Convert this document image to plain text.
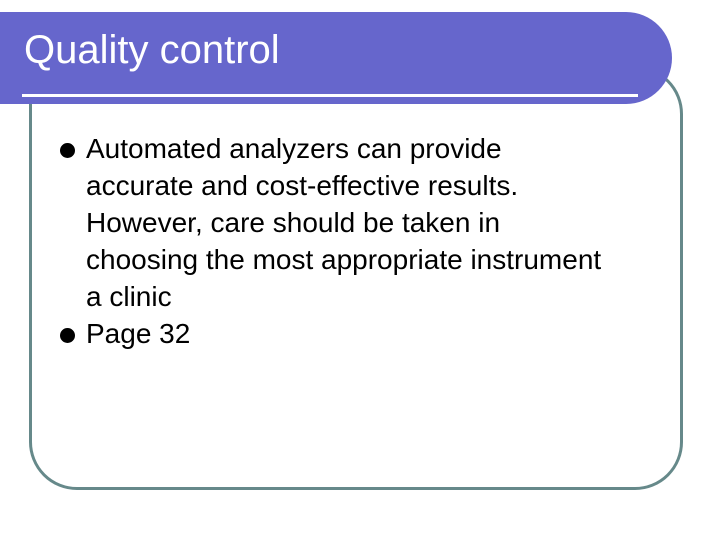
Quality control
Automated analyzers can provide accurate and cost-effective results. However, care should be taken in choosing the most appropriate instrument a clinic
Page 32
